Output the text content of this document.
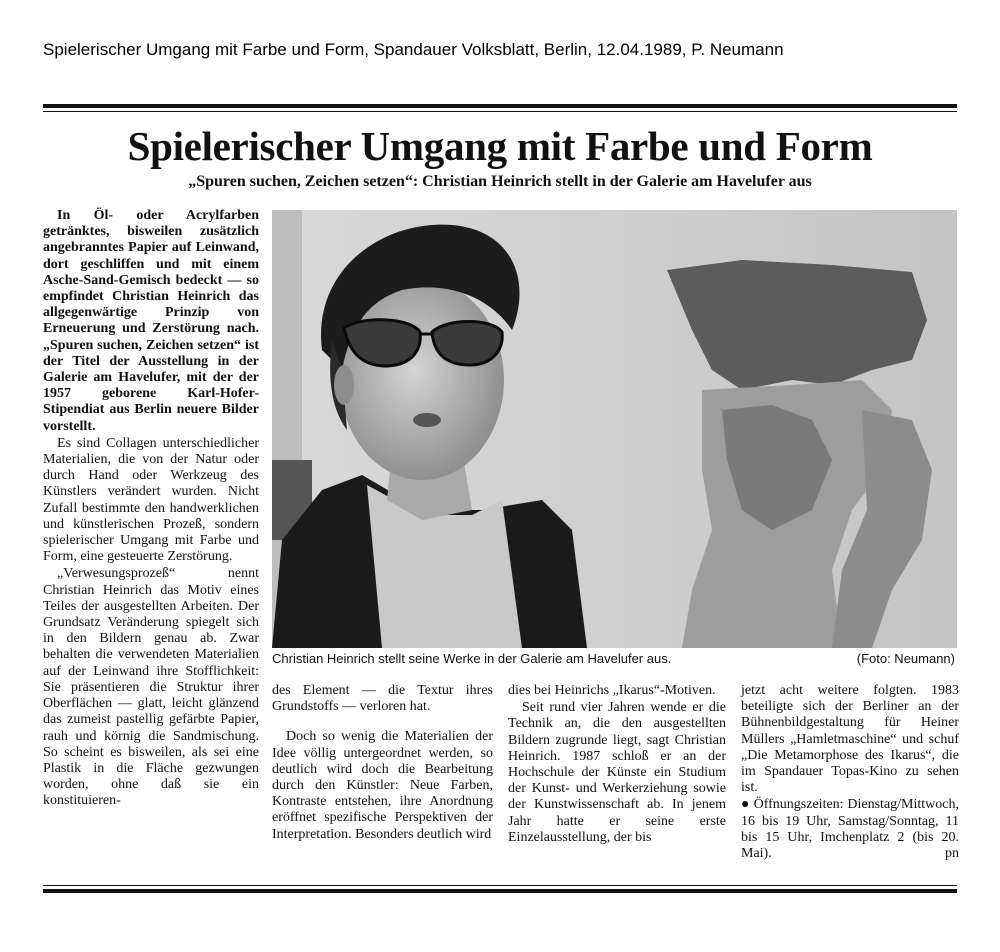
Spielerischer Umgang mit Farbe und Form, Spandauer Volksblatt, Berlin, 12.04.1989, P. Neumann
Spielerischer Umgang mit Farbe und Form
„Spuren suchen, Zeichen setzen“: Christian Heinrich stellt in der Galerie am Havelufer aus

In Öl- oder Acrylfarben getränktes, bisweilen zusätzlich angebranntes Papier auf Leinwand, dort geschliffen und mit einem Asche-Sand-Gemisch bedeckt — so empfindet Christian Heinrich das allgegenwärtige Prinzip von Erneuerung und Zerstörung nach. „Spuren suchen, Zeichen setzen“ ist der Titel der Ausstellung in der Galerie am Havelufer, mit der der 1957 geborene Karl-Hofer-Stipendiat aus Berlin neuere Bilder vorstellt.

Es sind Collagen unterschiedlicher Materialien, die von der Natur oder durch Hand oder Werkzeug des Künstlers verändert wurden. Nicht Zufall bestimmte den handwerklichen und künstlerischen Prozeß, sondern spielerischer Umgang mit Farbe und Form, eine gesteuerte Zerstörung.

„Verwesungsprozeß“ nennt Christian Heinrich das Motiv eines Teiles der ausgestellten Arbeiten. Der Grundsatz Veränderung spiegelt sich in den Bildern genau ab. Zwar behalten die verwendeten Materialien auf der Leinwand ihre Stofflichkeit: Sie präsentieren die Struktur ihrer Oberflächen — glatt, leicht glänzend das zumeist pastellig gefärbte Papier, rauh und körnig die Sandmischung. So scheint es bisweilen, als sei eine Plastik in die Fläche gezwungen worden, ohne daß sie ein konstituieren-

Christian Heinrich stellt seine Werke in der Galerie am Havelufer aus.	(Foto: Neumann)

des Element — die Textur ihres Grundstoffs — verloren hat.

Doch so wenig die Materialien der Idee völlig untergeordnet werden, so deutlich wird doch die Bearbeitung durch den Künstler: Neue Farben, Kontraste entstehen, ihre Anordnung eröffnet spezifische Perspektiven der Interpretation. Besonders deutlich wird

dies bei Heinrichs „Ikarus“-Motiven.

Seit rund vier Jahren wende er die Technik an, die den ausgestellten Bildern zugrunde liegt, sagt Christian Heinrich. 1987 schloß er an der Hochschule der Künste ein Studium der Kunst- und Werkerziehung sowie der Kunstwissenschaft ab. In jenem Jahr hatte er seine erste Einzelausstellung, der bis

jetzt acht weitere folgten. 1983 beteiligte sich der Berliner an der Bühnenbildgestaltung für Heiner Müllers „Hamletmaschine“ und schuf „Die Metamorphose des Ikarus“, die im Spandauer Topas-Kino zu sehen ist.

● Öffnungszeiten: Dienstag/Mittwoch, 16 bis 19 Uhr, Samstag/Sonntag, 11 bis 15 Uhr, Imchenplatz 2 (bis 20. Mai).	pn
